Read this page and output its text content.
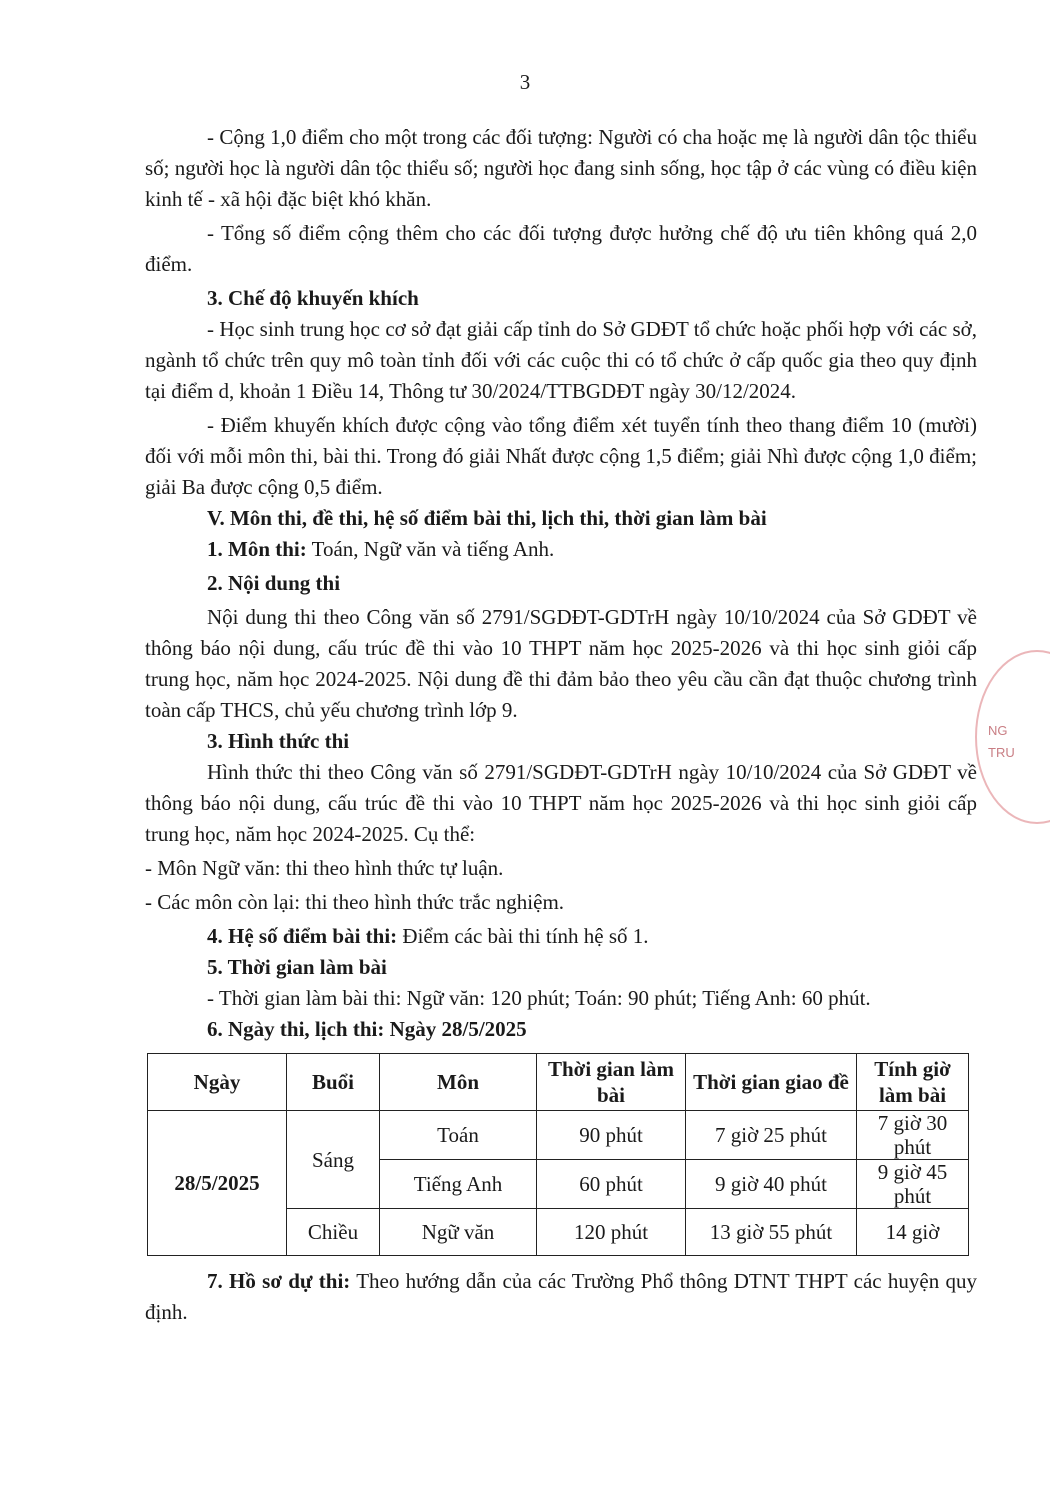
3

- Cộng 1,0 điểm cho một trong các đối tượng: Người có cha hoặc mẹ là người dân tộc thiểu số; người học là người dân tộc thiểu số; người học đang sinh sống, học tập ở các vùng có điều kiện kinh tế - xã hội đặc biệt khó khăn.

- Tổng số điểm cộng thêm cho các đối tượng được hưởng chế độ ưu tiên không quá 2,0 điểm.

3. Chế độ khuyến khích

- Học sinh trung học cơ sở đạt giải cấp tỉnh do Sở GDĐT tổ chức hoặc phối hợp với các sở, ngành tổ chức trên quy mô toàn tỉnh đối với các cuộc thi có tổ chức ở cấp quốc gia theo quy định tại điểm d, khoản 1 Điều 14, Thông tư 30/2024/TTBGDĐT ngày 30/12/2024.

- Điểm khuyến khích được cộng vào tổng điểm xét tuyển tính theo thang điểm 10 (mười) đối với mỗi môn thi, bài thi. Trong đó giải Nhất được cộng 1,5 điểm; giải Nhì được cộng 1,0 điểm; giải Ba được cộng 0,5 điểm.

V. Môn thi, đề thi, hệ số điểm bài thi, lịch thi, thời gian làm bài

1. Môn thi: Toán, Ngữ văn và tiếng Anh.

2. Nội dung thi

Nội dung thi theo Công văn số 2791/SGDĐT-GDTrH ngày 10/10/2024 của Sở GDĐT về thông báo nội dung, cấu trúc đề thi vào 10 THPT năm học 2025-2026 và thi học sinh giỏi cấp trung học, năm học 2024-2025. Nội dung đề thi đảm bảo theo yêu cầu cần đạt thuộc chương trình toàn cấp THCS, chủ yếu chương trình lớp 9.

3. Hình thức thi

Hình thức thi theo Công văn số 2791/SGDĐT-GDTrH ngày 10/10/2024 của Sở GDĐT về thông báo nội dung, cấu trúc đề thi vào 10 THPT năm học 2025-2026 và thi học sinh giỏi cấp trung học, năm học 2024-2025. Cụ thể:

- Môn Ngữ văn: thi theo hình thức tự luận.

- Các môn còn lại: thi theo hình thức trắc nghiệm.

4. Hệ số điểm bài thi: Điểm các bài thi tính hệ số 1.

5. Thời gian làm bài

- Thời gian làm bài thi: Ngữ văn: 120 phút; Toán: 90 phút; Tiếng Anh: 60 phút.

6. Ngày thi, lịch thi: Ngày 28/5/2025

Ngày	Buổi	Môn	Thời gian làm bài	Thời gian giao đề	Tính giờ làm bài
28/5/2025	Sáng	Toán	90 phút	7 giờ 25 phút	7 giờ 30 phút
		Tiếng Anh	60 phút	9 giờ 40 phút	9 giờ 45 phút
	Chiều	Ngữ văn	120 phút	13 giờ 55 phút	14 giờ

7. Hồ sơ dự thi: Theo hướng dẫn của các Trường Phổ thông DTNT THPT các huyện quy định.

NG
TRU
